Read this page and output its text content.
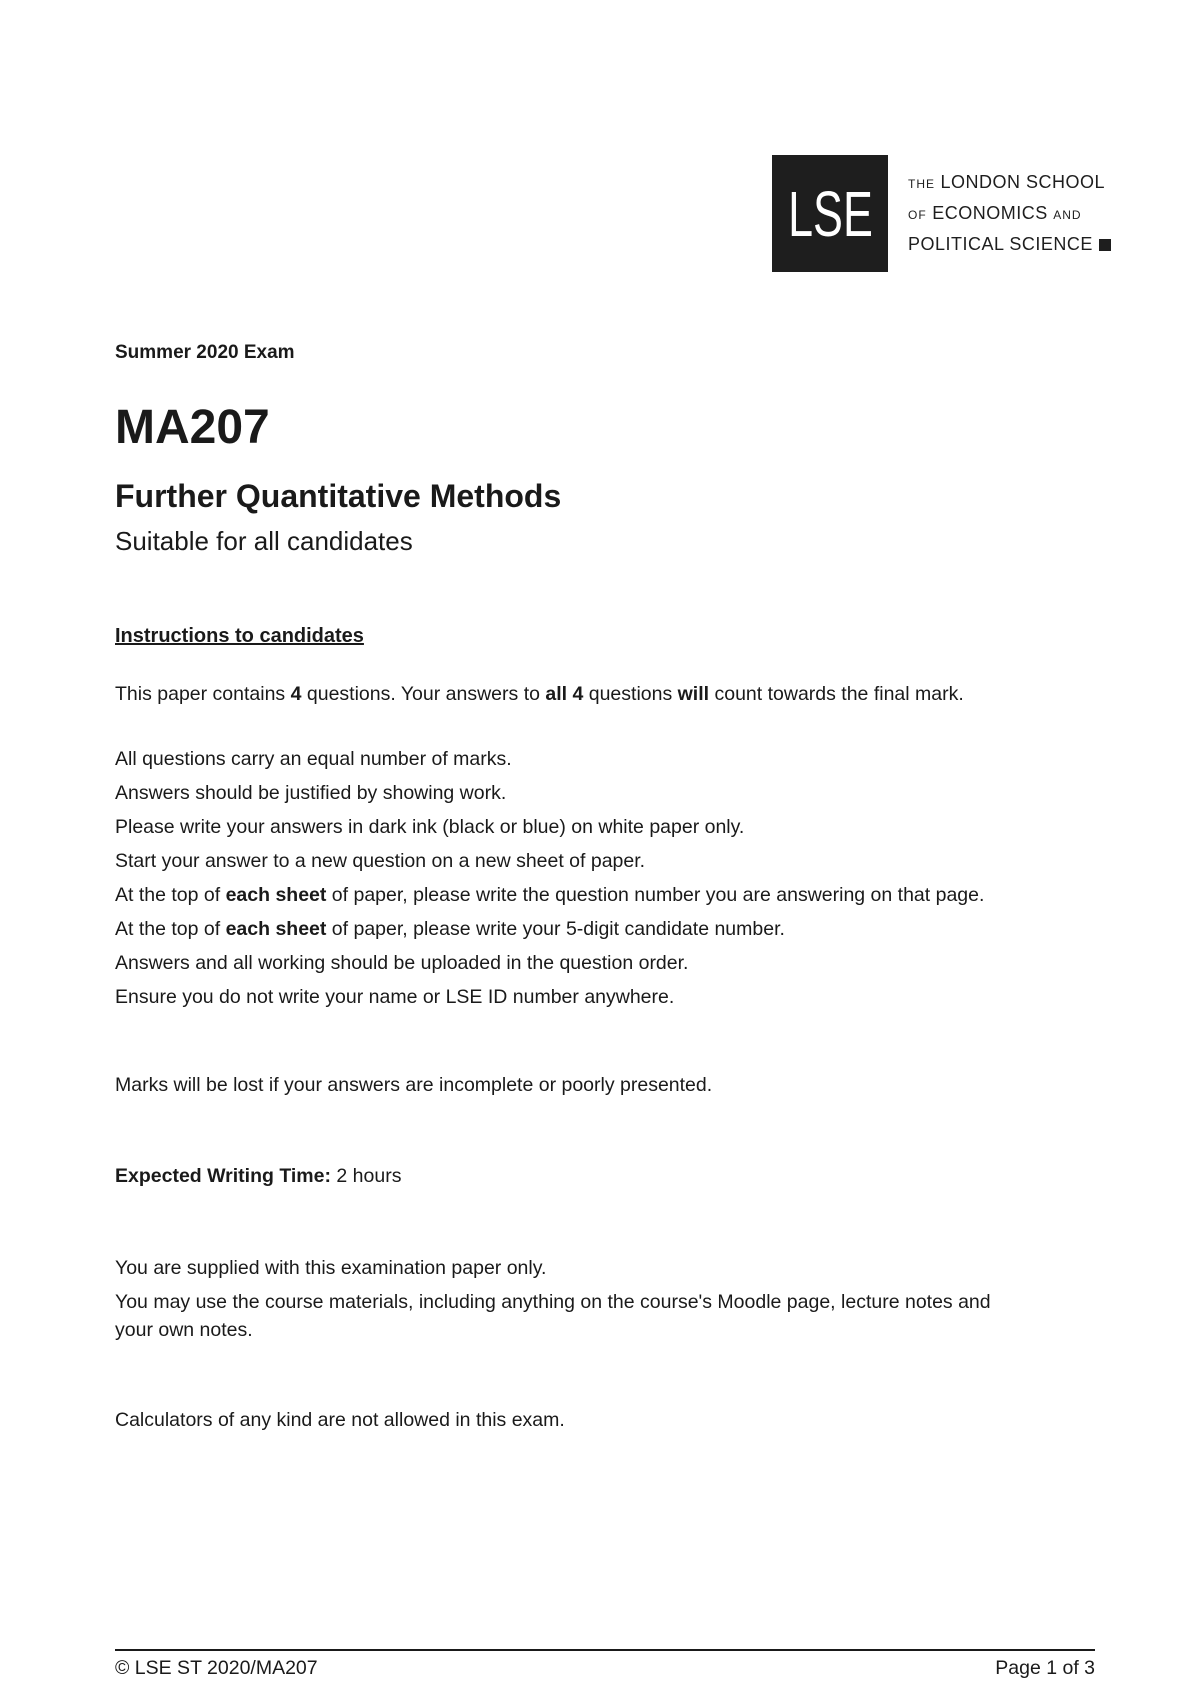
LSE	THE LONDON SCHOOL
OF ECONOMICS AND
POLITICAL SCIENCE
Summer 2020 Exam
MA207
Further Quantitative Methods
Suitable for all candidates
Instructions to candidates
This paper contains 4 questions. Your answers to all 4 questions will count towards the final mark.
All questions carry an equal number of marks.
Answers should be justified by showing work.
Please write your answers in dark ink (black or blue) on white paper only.
Start your answer to a new question on a new sheet of paper.
At the top of each sheet of paper, please write the question number you are answering on that page.
At the top of each sheet of paper, please write your 5-digit candidate number.
Answers and all working should be uploaded in the question order.
Ensure you do not write your name or LSE ID number anywhere.
Marks will be lost if your answers are incomplete or poorly presented.
Expected Writing Time: 2 hours
You are supplied with this examination paper only.
You may use the course materials, including anything on the course's Moodle page, lecture notes and
your own notes.
Calculators of any kind are not allowed in this exam.
© LSE ST 2020/MA207	Page 1 of 3
